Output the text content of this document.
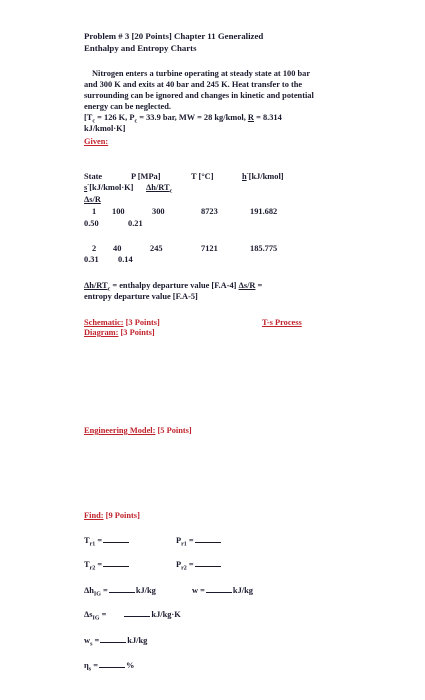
Problem # 3 [20 Points] Chapter 11 Generalized
Enthalpy and Entropy Charts
Nitrogen enters a turbine operating at steady state at 100 bar and 300 K and exits at 40 bar and 245 K. Heat transfer to the surrounding can be ignored and changes in kinetic and potential energy can be neglected.
[$T_c = 126$ K, $P_c = 33.9$ bar, MW = 28 kg/kmol, R = 8.314
kJ/kmol·K]
Given:
State	P [MPa]	T [°C]	h-[kJ/kmol]
s-[kJ/kmol·K] $\Delta h/RT_c$
Δs/R
1 100	300	8723	191.682
0.50	0.21
2 40	245	7121	185.775
0.31 0.14
$\Delta h/RT_c$ = enthalpy departure value [F.A-4] Δs/R =
entropy departure value [F.A-5]
Schematic: [3 Points]
Diagram: [3 Points]
T-s Process
Engineering Model: [5 Points]
Find: [9 Points]
$T_{r1}$ =	$P_{r1}$ =
$T_{r2}$ =	$P_{r2}$ =
$\Delta h_{IG}$ =	kJ/kg	w =	kJ/kg
$\Delta s_{IG}$ =	kJ/kg·K
$w_s$ =	kJ/kg
$\eta_s$ =	%
